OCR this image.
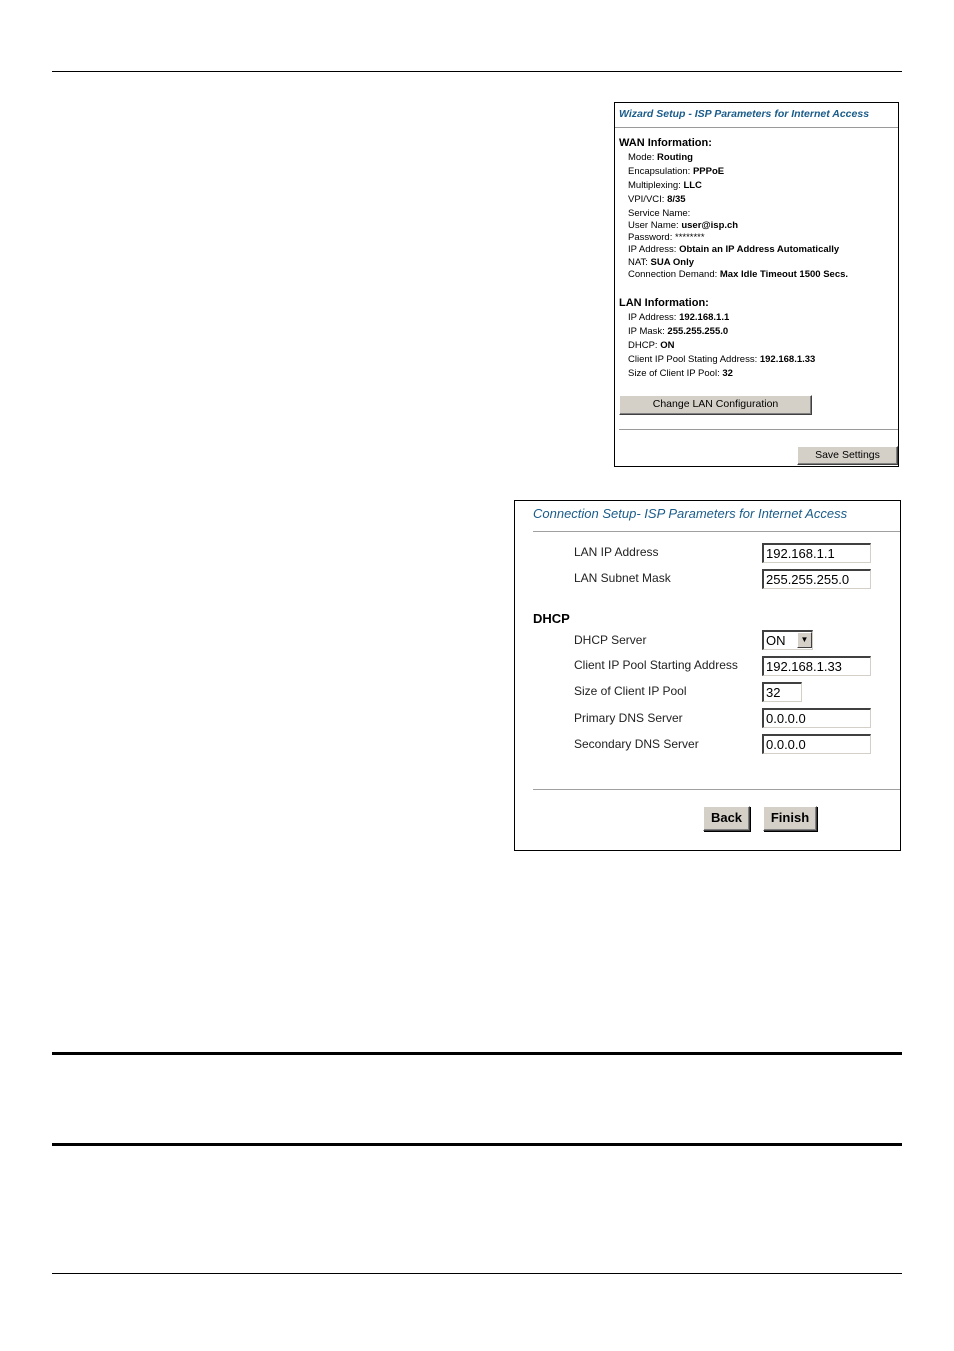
Wizard Setup - ISP Parameters for Internet Access
WAN Information:
Mode: Routing
Encapsulation: PPPoE
Multiplexing: LLC
VPI/VCI: 8/35
Service Name:
User Name: user@isp.ch
Password: ********
IP Address: Obtain an IP Address Automatically
NAT: SUA Only
Connection Demand: Max Idle Timeout 1500 Secs.
LAN Information:
IP Address: 192.168.1.1
IP Mask: 255.255.255.0
DHCP: ON
Client IP Pool Stating Address: 192.168.1.33
Size of Client IP Pool: 32
Change LAN Configuration
Save Settings
Connection Setup- ISP Parameters for Internet Access
LAN IP Address	192.168.1.1
LAN Subnet Mask	255.255.255.0
DHCP
DHCP Server	ON	▼
Client IP Pool Starting Address	192.168.1.33
Size of Client IP Pool	32
Primary DNS Server	0.0.0.0
Secondary DNS Server	0.0.0.0
Back	Finish
